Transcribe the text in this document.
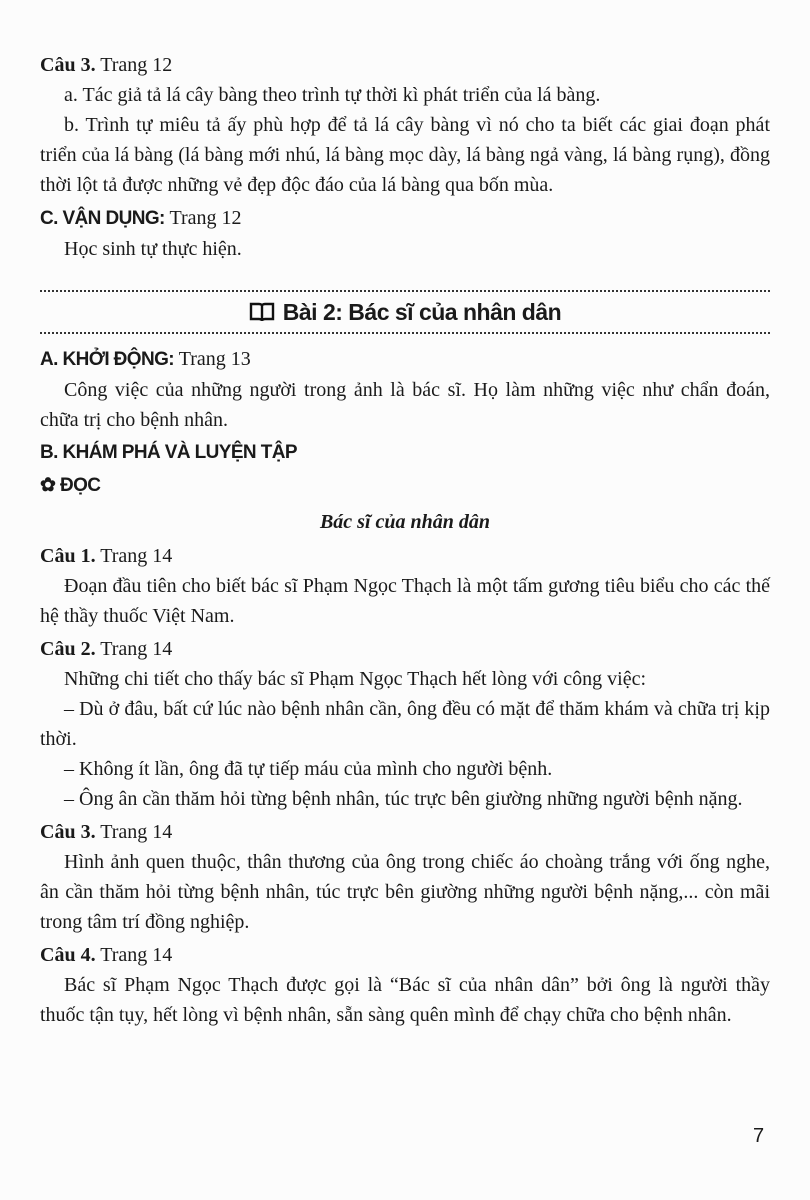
Câu 3. Trang 12

a. Tác giả tả lá cây bàng theo trình tự thời kì phát triển của lá bàng.

b. Trình tự miêu tả ấy phù hợp để tả lá cây bàng vì nó cho ta biết các giai đoạn phát triển của lá bàng (lá bàng mới nhú, lá bàng mọc dày, lá bàng ngả vàng, lá bàng rụng), đồng thời lột tả được những vẻ đẹp độc đáo của lá bàng qua bốn mùa.

C. VẬN DỤNG: Trang 12

Học sinh tự thực hiện.

Bài 2: Bác sĩ của nhân dân

A. KHỞI ĐỘNG: Trang 13

Công việc của những người trong ảnh là bác sĩ. Họ làm những việc như chẩn đoán, chữa trị cho bệnh nhân.

B. KHÁM PHÁ VÀ LUYỆN TẬP

✿ ĐỌC

Bác sĩ của nhân dân

Câu 1. Trang 14

Đoạn đầu tiên cho biết bác sĩ Phạm Ngọc Thạch là một tấm gương tiêu biểu cho các thế hệ thầy thuốc Việt Nam.

Câu 2. Trang 14

Những chi tiết cho thấy bác sĩ Phạm Ngọc Thạch hết lòng với công việc:

– Dù ở đâu, bất cứ lúc nào bệnh nhân cần, ông đều có mặt để thăm khám và chữa trị kịp thời.

– Không ít lần, ông đã tự tiếp máu của mình cho người bệnh.

– Ông ân cần thăm hỏi từng bệnh nhân, túc trực bên giường những người bệnh nặng.

Câu 3. Trang 14

Hình ảnh quen thuộc, thân thương của ông trong chiếc áo choàng trắng với ống nghe, ân cần thăm hỏi từng bệnh nhân, túc trực bên giường những người bệnh nặng,... còn mãi trong tâm trí đồng nghiệp.

Câu 4. Trang 14

Bác sĩ Phạm Ngọc Thạch được gọi là “Bác sĩ của nhân dân” bởi ông là người thầy thuốc tận tụy, hết lòng vì bệnh nhân, sẵn sàng quên mình để chạy chữa cho bệnh nhân.

7
